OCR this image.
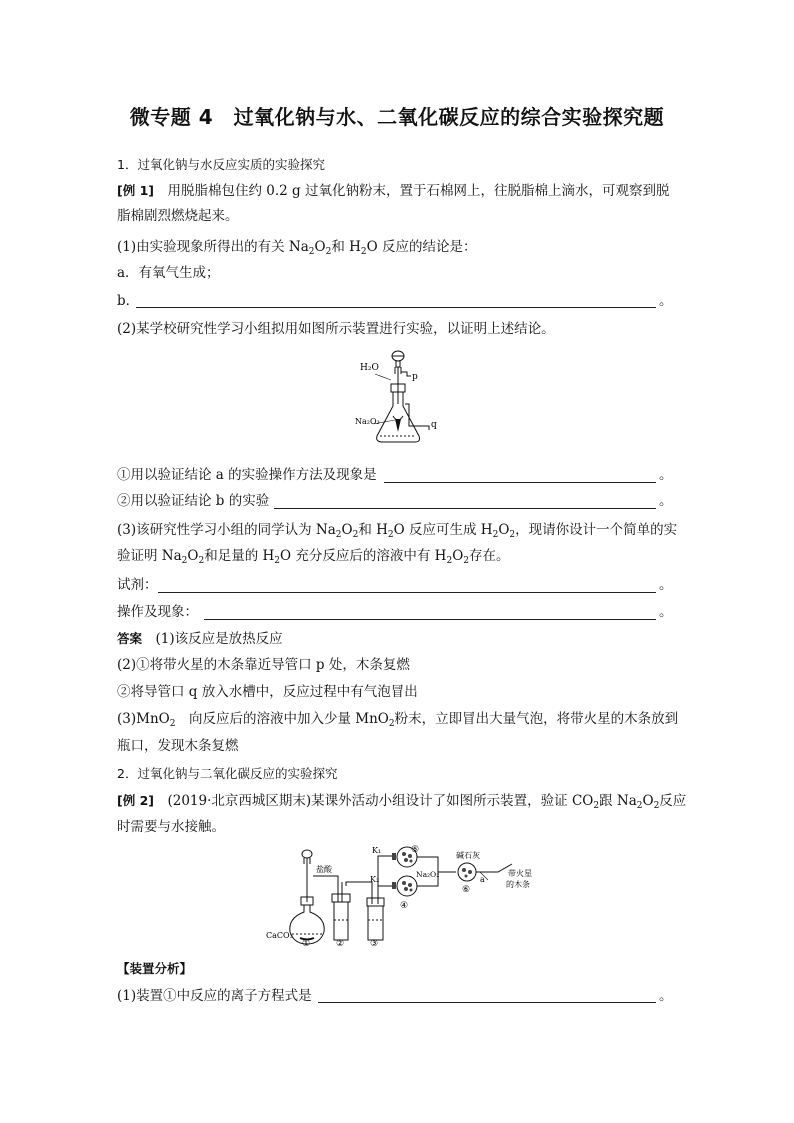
微专题 4　过氧化钠与水、二氧化碳反应的综合实验探究题
1．过氧化钠与水反应实质的实验探究
[例 1]　用脱脂棉包住约 0.2 g 过氧化钠粉末，置于石棉网上，往脱脂棉上滴水，可观察到脱
脂棉剧烈燃烧起来。
(1)由实验现象所得出的有关 $Na_2O_2$和 $H_2O$ 反应的结论是：
a．有氧气生成；
b．	。
(2)某学校研究性学习小组拟用如图所示装置进行实验，以证明上述结论。
H₂O
p
q
Na₂O₂
①用以验证结论 a 的实验操作方法及现象是	。
②用以验证结论 b 的实验	。
(3)该研究性学习小组的同学认为 $Na_2O_2$和 $H_2O$ 反应可生成 $H_2O_2$，现请你设计一个简单的实
验证明 $Na_2O_2$和足量的 $H_2O$ 充分反应后的溶液中有 $H_2O_2$存在。
试剂：	。
操作及现象：	。
答案　(1)该反应是放热反应
(2)①将带火星的木条靠近导管口 p 处，木条复燃
②将导管口 q 放入水槽中，反应过程中有气泡冒出
(3)MnO$_2$　向反应后的溶液中加入少量 MnO$_2$粉末，立即冒出大量气泡，将带火星的木条放到
瓶口，发现木条复燃
2．过氧化钠与二氧化碳反应的实验探究
[例 2]　(2019·北京西城区期末)某课外活动小组设计了如图所示装置，验证 $CO_2$跟 $Na_2O_2$反应
时需要与水接触。
盐酸
CaCO₃
K₁
K₂
碱石灰
Na₂O₂
a
带火星
的木条
①	②	③
④
⑤
⑥
【装置分析】
(1)装置①中反应的离子方程式是	。
